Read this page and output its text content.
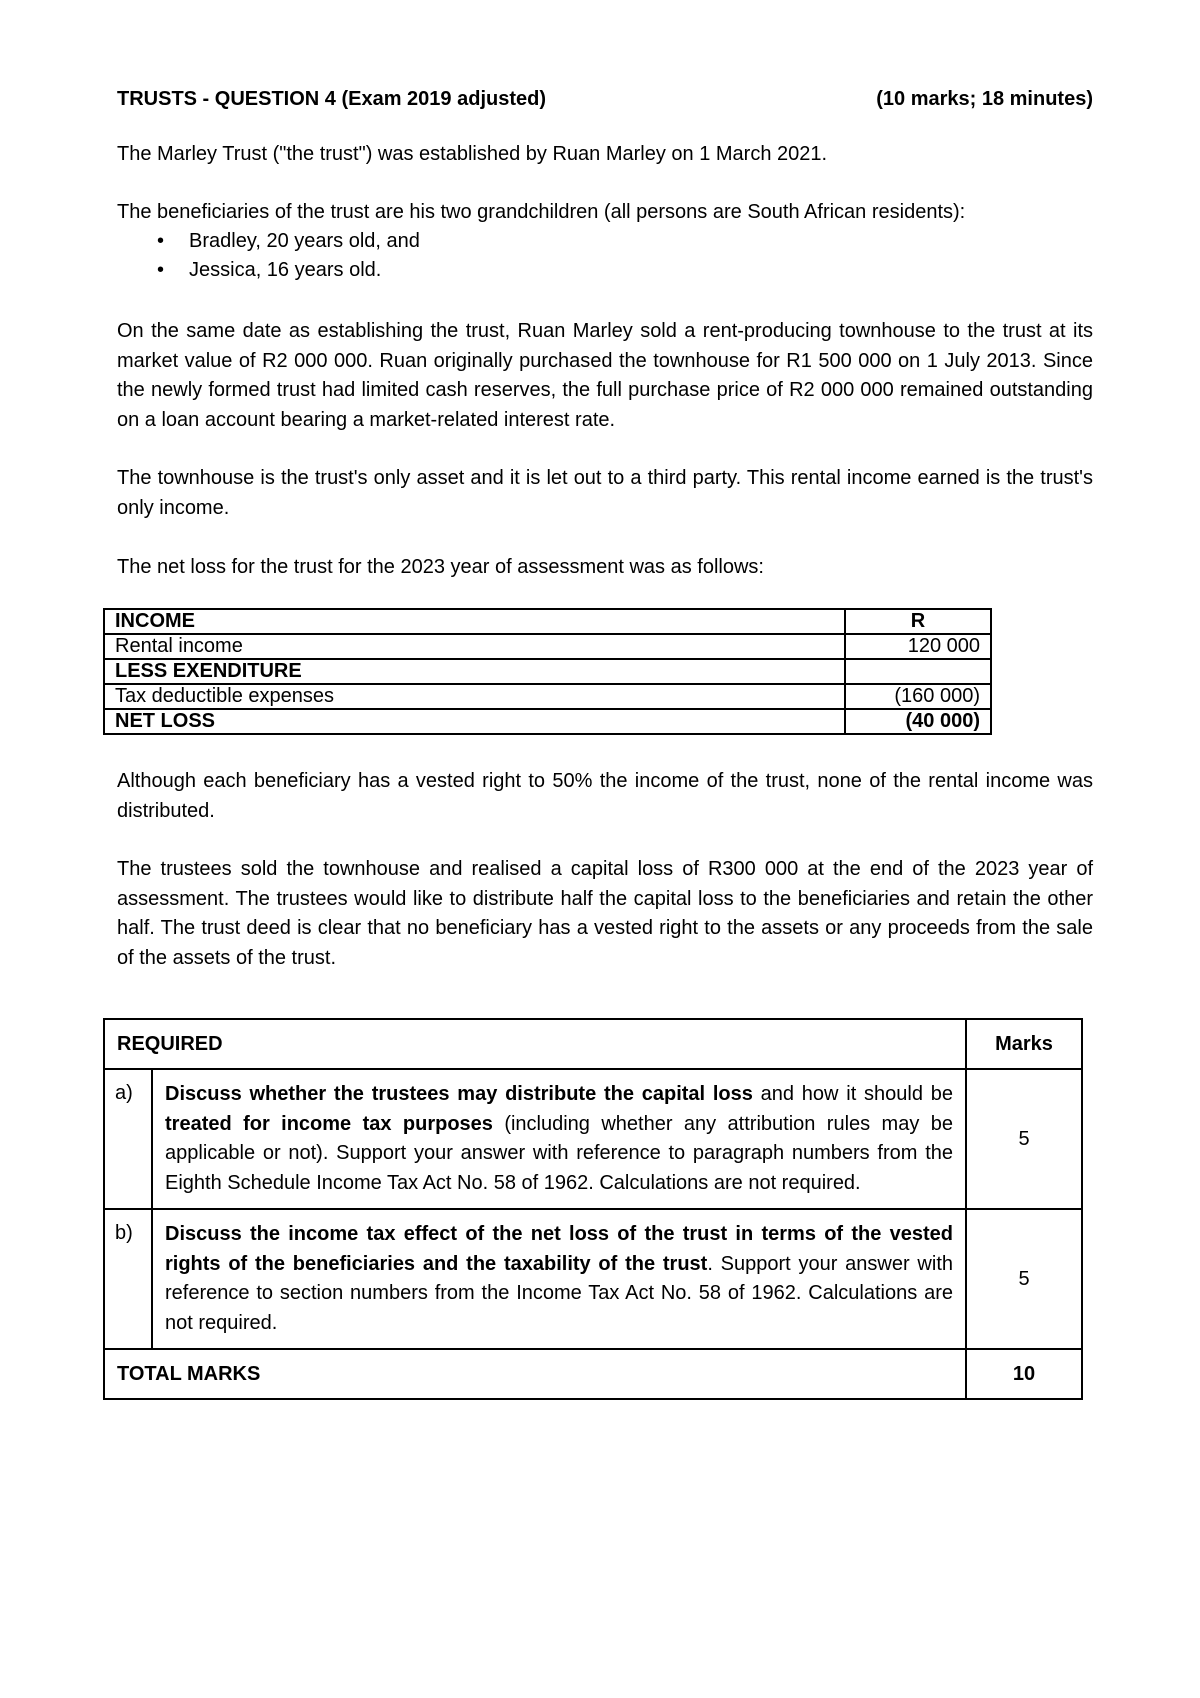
TRUSTS - QUESTION 4 (Exam 2019 adjusted)	(10 marks; 18 minutes)
The Marley Trust ("the trust") was established by Ruan Marley on 1 March 2021.
The beneficiaries of the trust are his two grandchildren (all persons are South African residents):
• Bradley, 20 years old, and
• Jessica, 16 years old.
On the same date as establishing the trust, Ruan Marley sold a rent-producing townhouse to the trust at its market value of R2 000 000. Ruan originally purchased the townhouse for R1 500 000 on 1 July 2013. Since the newly formed trust had limited cash reserves, the full purchase price of R2 000 000 remained outstanding on a loan account bearing a market-related interest rate.
The townhouse is the trust's only asset and it is let out to a third party. This rental income earned is the trust's only income.
The net loss for the trust for the 2023 year of assessment was as follows:
INCOME	R
Rental income	120 000
LESS EXENDITURE	
Tax deductible expenses	(160 000)
NET LOSS	(40 000)
Although each beneficiary has a vested right to 50% the income of the trust, none of the rental income was distributed.
The trustees sold the townhouse and realised a capital loss of R300 000 at the end of the 2023 year of assessment. The trustees would like to distribute half the capital loss to the beneficiaries and retain the other half. The trust deed is clear that no beneficiary has a vested right to the assets or any proceeds from the sale of the assets of the trust.
REQUIRED		Marks
a)	Discuss whether the trustees may distribute the capital loss and how it should be treated for income tax purposes (including whether any attribution rules may be applicable or not). Support your answer with reference to paragraph numbers from the Eighth Schedule Income Tax Act No. 58 of 1962. Calculations are not required.	5
b)	Discuss the income tax effect of the net loss of the trust in terms of the vested rights of the beneficiaries and the taxability of the trust. Support your answer with reference to section numbers from the Income Tax Act No. 58 of 1962. Calculations are not required.	5
TOTAL MARKS		10
